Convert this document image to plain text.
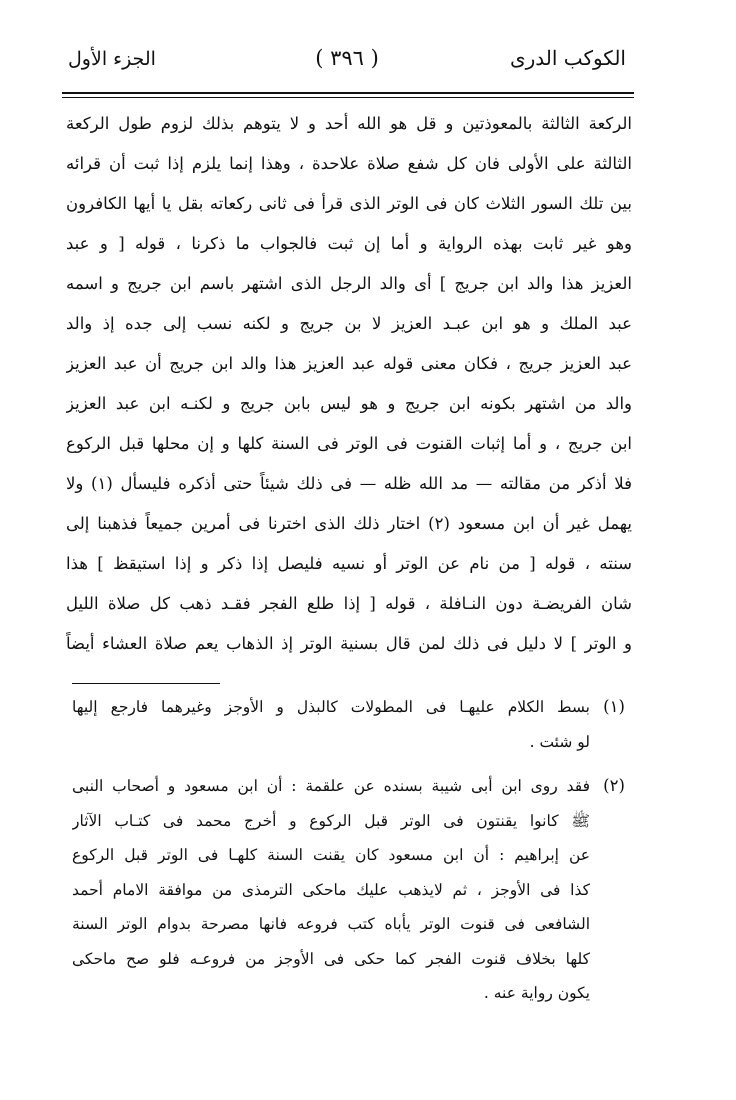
الكوكب الدرى
( ٣٩٦ )
الجزء الأول
الركعة الثالثة بالمعوذتين و قل هو الله أحد و لا يتوهم بذلك لزوم طول الركعة
الثالثة على الأولى فان كل شفع صلاة علاحدة ، وهذا إنما يلزم إذا ثبت أن قرائه
بين تلك السور الثلاث كان فى الوتر الذى قرأ فى ثانى ركعاته بقل يا أيها الكافرون
وهو غير ثابت بهذه الرواية و أما إن ثبت فالجواب ما ذكرنا ، قوله [ و عبد
العزيز هذا والد ابن جريج ] أى والد الرجل الذى اشتهر باسم ابن جريج و اسمه
عبد الملك و هو ابن عبـد العزيز لا بن جريج و لكنه نسب إلى جده إذ والد
عبد العزيز جريج ، فكان معنى قوله عبد العزيز هذا والد ابن جريج أن عبد العزيز
والد من اشتهر بكونه ابن جريج و هو ليس بابن جريج و لكنـه ابن عبد العزيز
ابن جريج ، و أما إثبات القنوت فى الوتر فى السنة كلها و إن محلها قبل الركوع
فلا أذكر من مقالته — مد الله ظله — فى ذلك شيئاً حتى أذكره فليسأل (١) ولا
يهمل غير أن ابن مسعود (٢) اختار ذلك الذى اخترنا فى أمرين جميعاً فذهبنا إلى
سنته ، قوله [ من نام عن الوتر أو نسيه فليصل إذا ذكر و إذا استيقظ ] هذا
شان الفريضـة دون النـافلة ، قوله [ إذا طلع الفجر فقـد ذهب كل صلاة الليل
و الوتر ] لا دليل فى ذلك لمن قال بسنية الوتر إذ الذهاب يعم صلاة العشاء أيضاً
(١)
بسط الكلام عليهـا فى المطولات كالبذل و الأوجز وغيرهما فارجع إليها
لو شئت .
(٢)
فقد روى ابن أبى شيبة بسنده عن علقمة : أن ابن مسعود و أصحاب النبى
ﷺ كانوا يقنتون فى الوتر قبل الركوع و أخرج محمد فى كتـاب الآثار
عن إبراهيم : أن ابن مسعود كان يقنت السنة كلهـا فى الوتر قبل الركوع
كذا فى الأوجز ، ثم لايذهب عليك ماحكى الترمذى من موافقة الامام أحمد
الشافعى فى قنوت الوتر يأباه كتب فروعه فانها مصرحة بدوام الوتر السنة
كلها بخلاف قنوت الفجر كما حكى فى الأوجز من فروعـه فلو صح ماحكى
يكون رواية عنه .
